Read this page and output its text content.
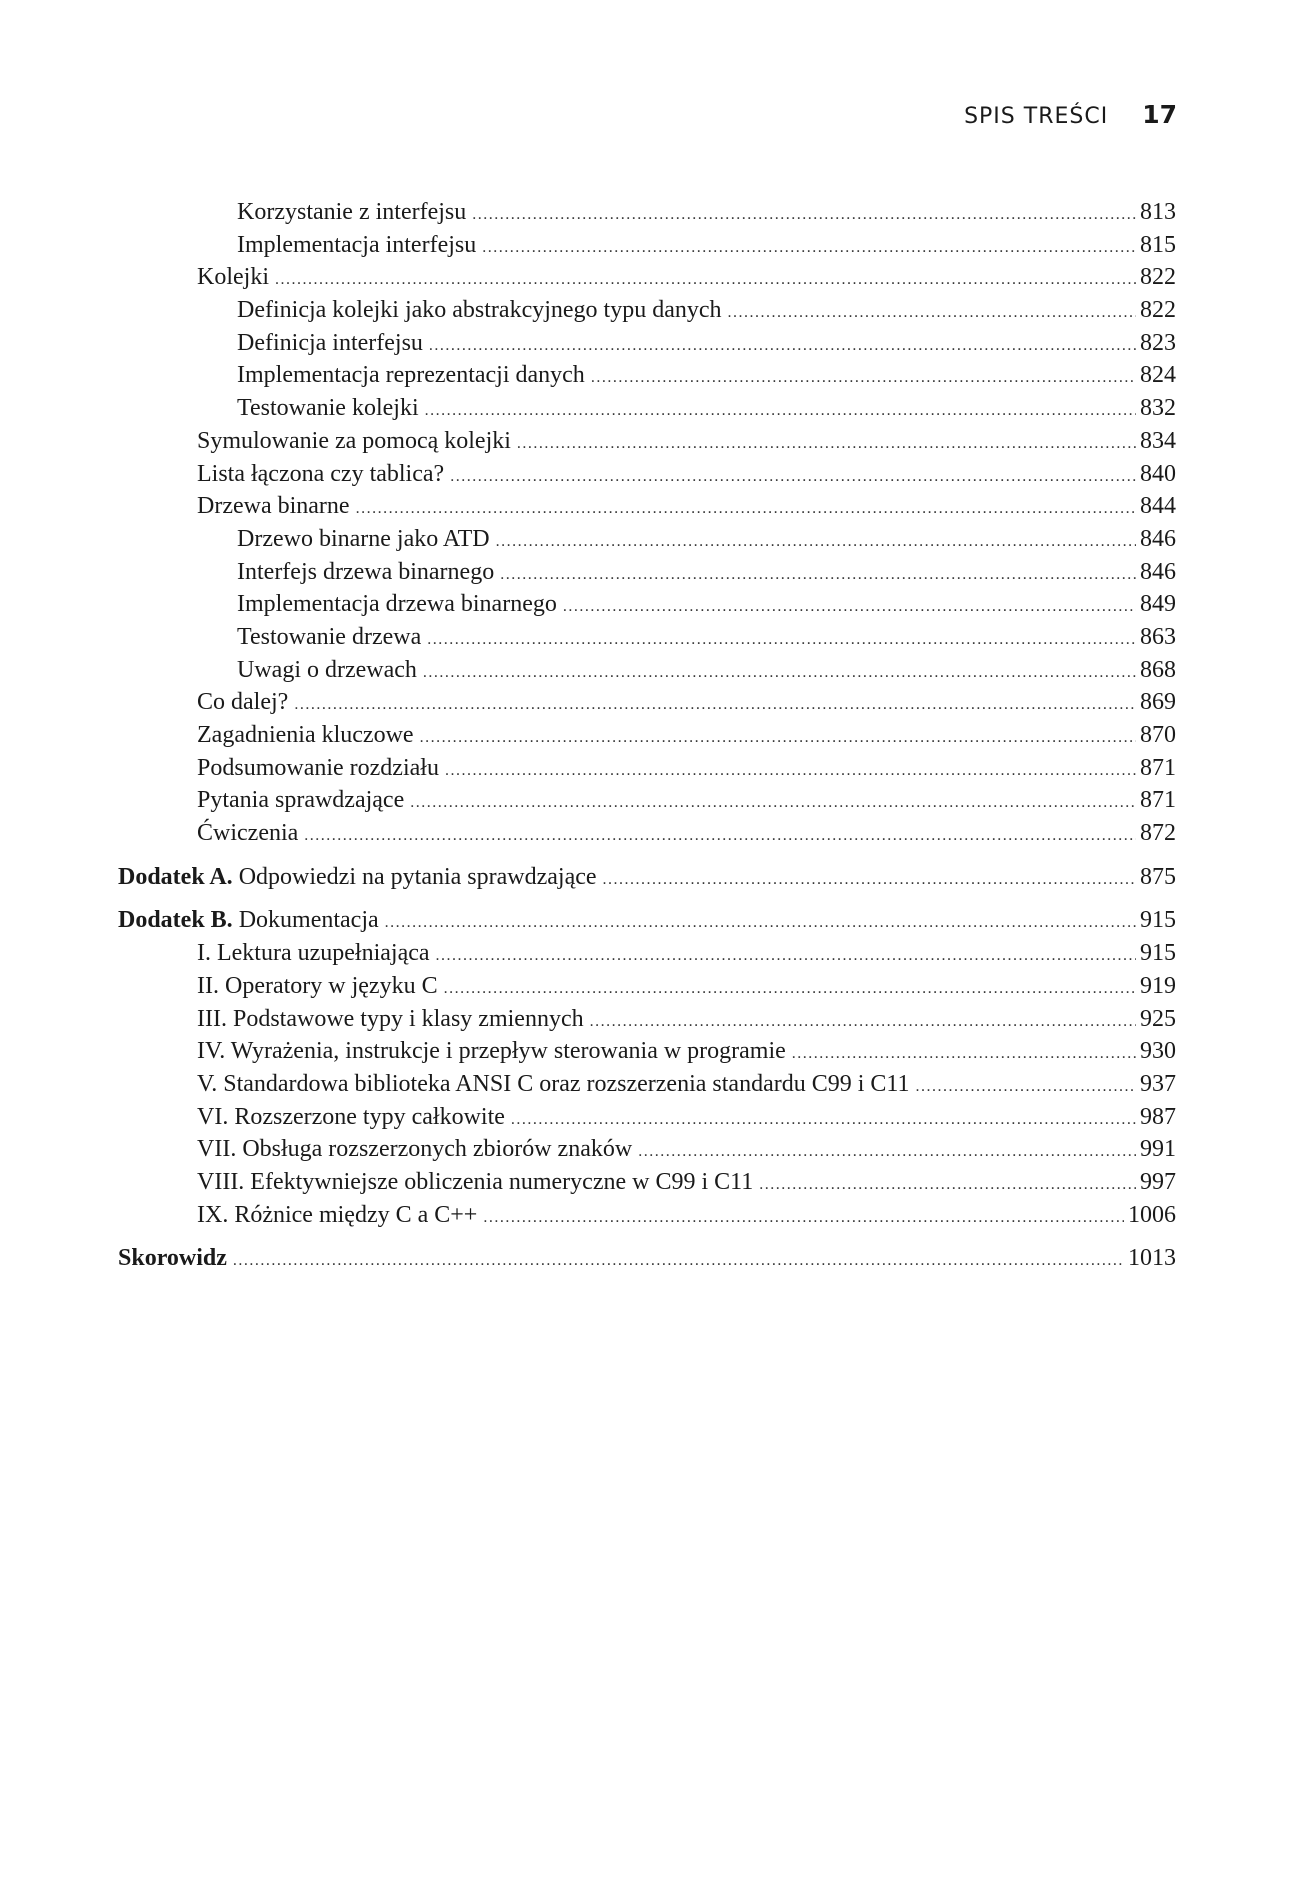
SPIS TREŚCI 17
Korzystanie z interfejsu .....	813
Implementacja interfejsu .....	815
Kolejki .....	822
Definicja kolejki jako abstrakcyjnego typu danych .....	822
Definicja interfejsu .....	823
Implementacja reprezentacji danych .....	824
Testowanie kolejki .....	832
Symulowanie za pomocą kolejki .....	834
Lista łączona czy tablica? .....	840
Drzewa binarne .....	844
Drzewo binarne jako ATD .....	846
Interfejs drzewa binarnego .....	846
Implementacja drzewa binarnego .....	849
Testowanie drzewa .....	863
Uwagi o drzewach .....	868
Co dalej? .....	869
Zagadnienia kluczowe .....	870
Podsumowanie rozdziału .....	871
Pytania sprawdzające .....	871
Ćwiczenia .....	872
Dodatek A. Odpowiedzi na pytania sprawdzające .....	875
Dodatek B. Dokumentacja .....	915
I. Lektura uzupełniająca .....	915
II. Operatory w języku C .....	919
III. Podstawowe typy i klasy zmiennych .....	925
IV. Wyrażenia, instrukcje i przepływ sterowania w programie .....	930
V. Standardowa biblioteka ANSI C oraz rozszerzenia standardu C99 i C11 .....	937
VI. Rozszerzone typy całkowite .....	987
VII. Obsługa rozszerzonych zbiorów znaków .....	991
VIII. Efektywniejsze obliczenia numeryczne w C99 i C11 .....	997
IX. Różnice między C a C++ .....	1006
Skorowidz .....	1013
